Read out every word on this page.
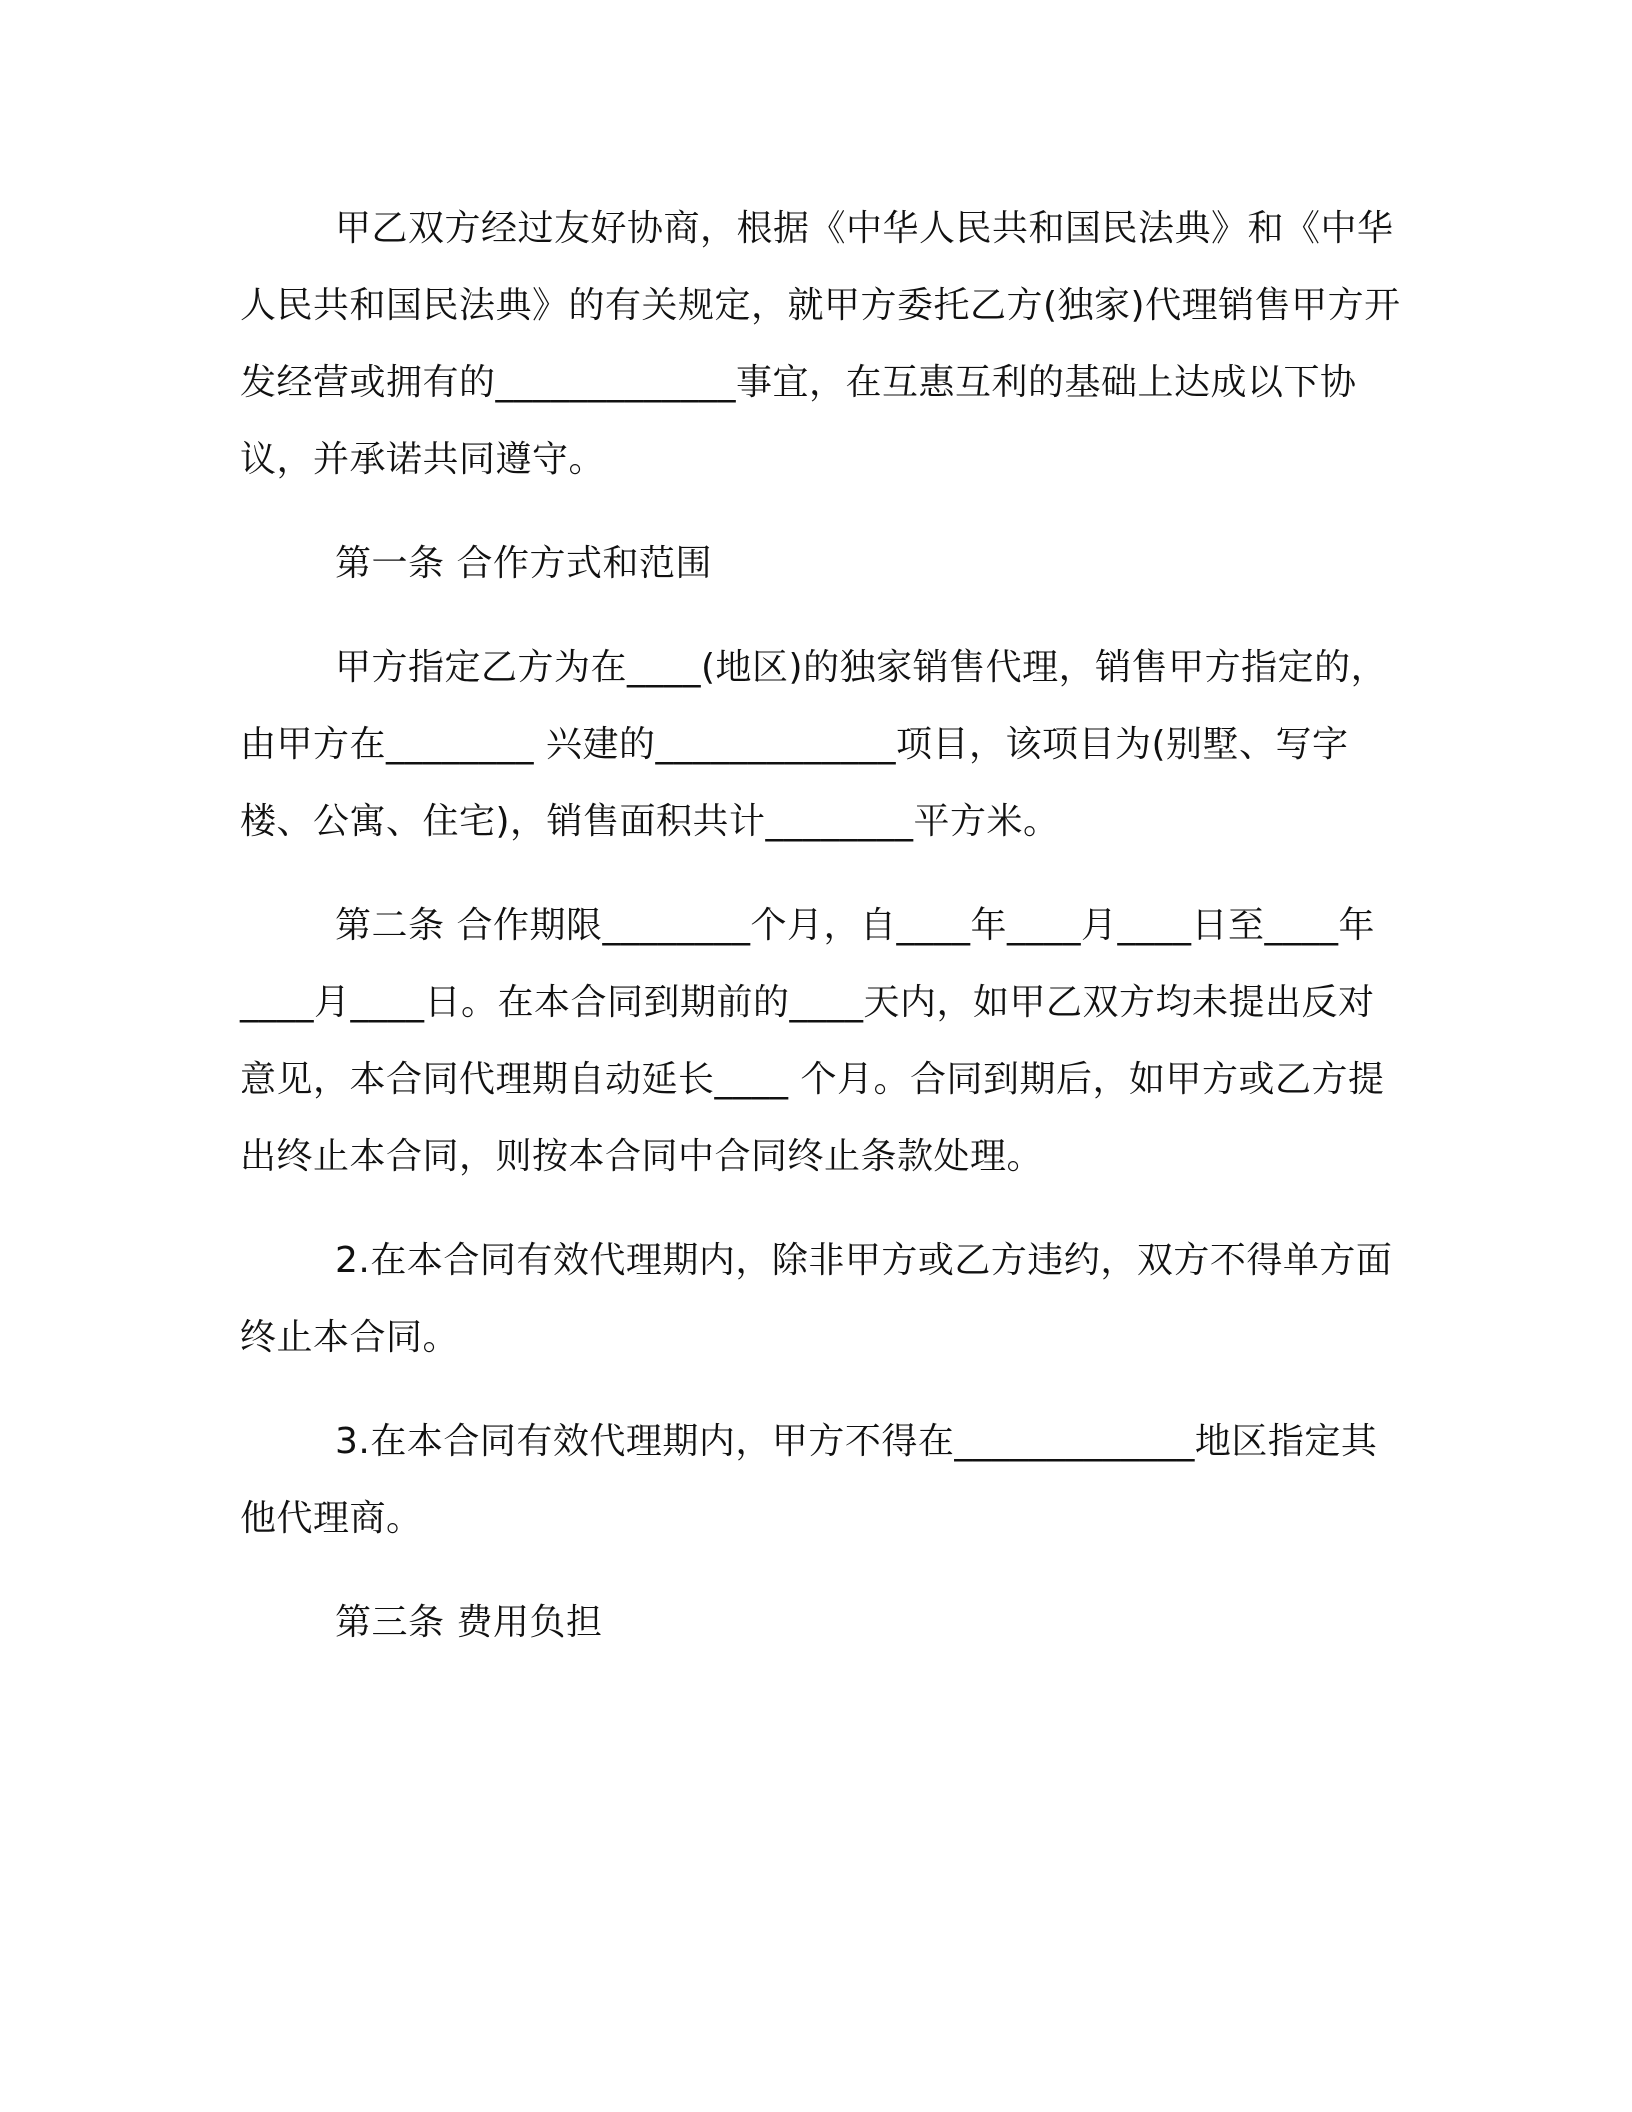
甲乙双方经过友好协商，根据《中华人民共和国民法典》和《中华人民共和国民法典》的有关规定，就甲方委托乙方(独家)代理销售甲方开发经营或拥有的_____________事宜，在互惠互利的基础上达成以下协议，并承诺共同遵守。

第一条 合作方式和范围

甲方指定乙方为在____(地区)的独家销售代理，销售甲方指定的，由甲方在________ 兴建的_____________项目，该项目为(别墅、写字楼、公寓、住宅)，销售面积共计________平方米。

第二条 合作期限________个月，自____年____月____日至____年____月____日。在本合同到期前的____天内，如甲乙双方均未提出反对意见，本合同代理期自动延长____ 个月。合同到期后，如甲方或乙方提出终止本合同，则按本合同中合同终止条款处理。

2.在本合同有效代理期内，除非甲方或乙方违约，双方不得单方面终止本合同。

3.在本合同有效代理期内，甲方不得在_____________地区指定其他代理商。

第三条 费用负担
